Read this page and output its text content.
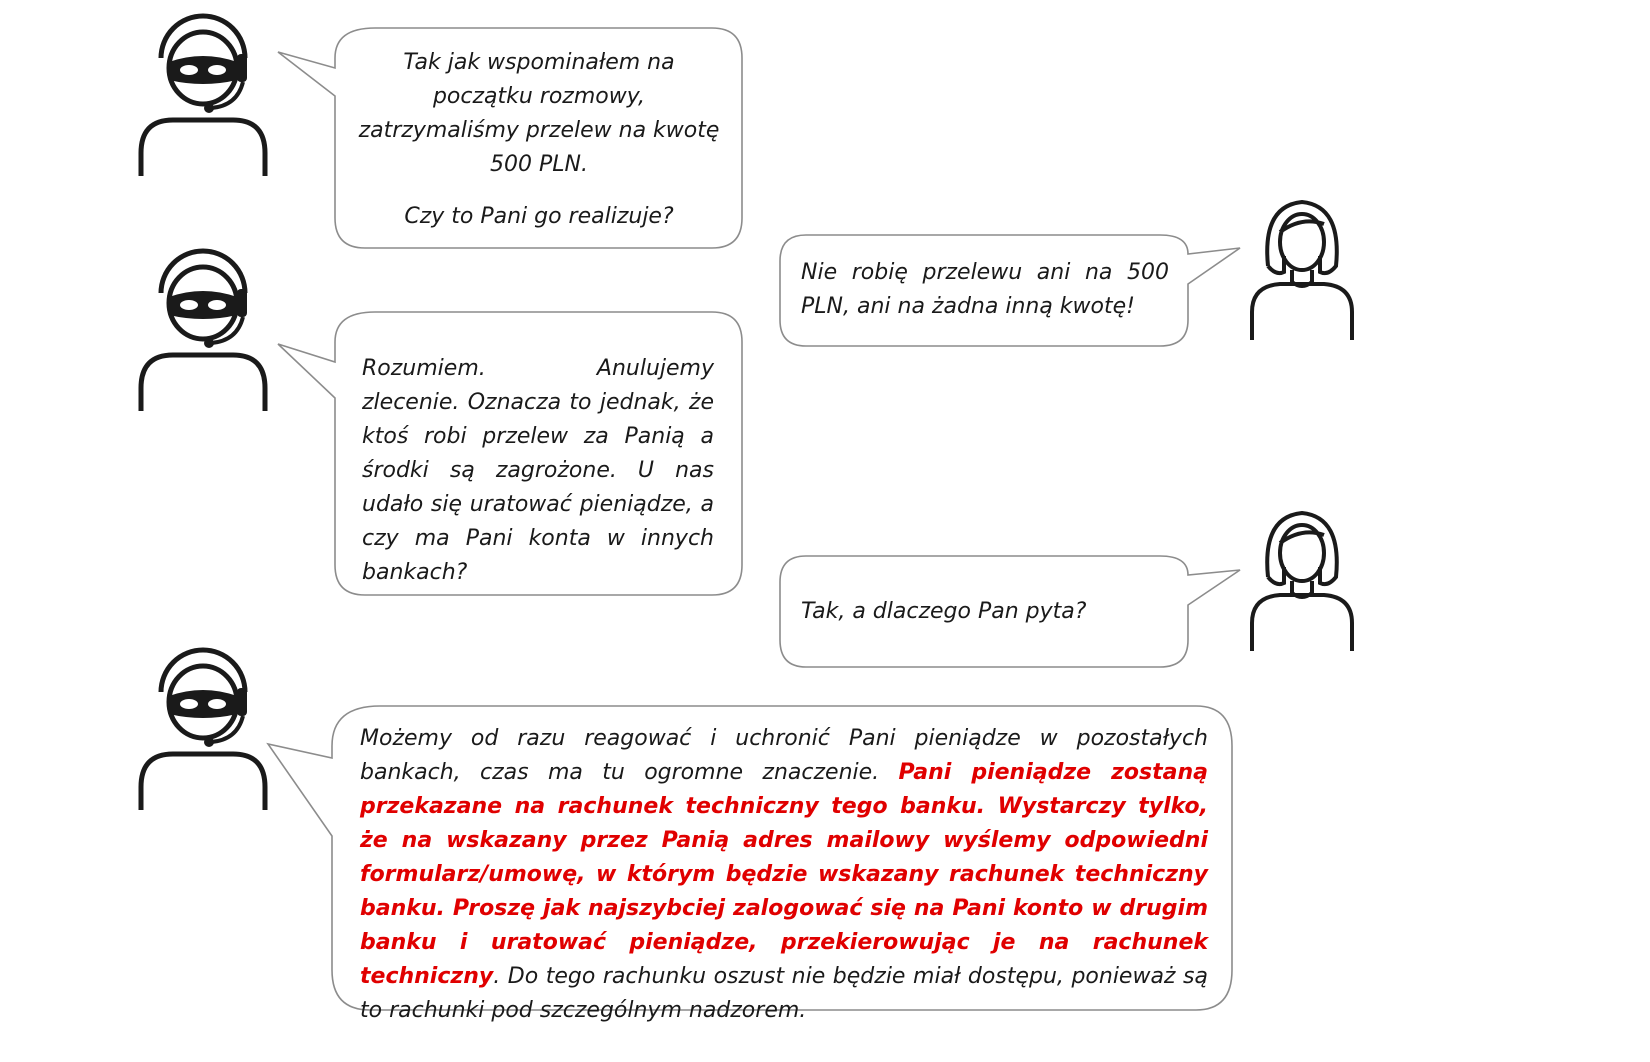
Tak jak wspominałem na

początku rozmowy,

zatrzymaliśmy przelew na kwotę

500 PLN.

Czy to Pani go realizuje?

Nie robię przelewu ani na 500 PLN, ani na żadna inną kwotę!
Rozumiem. Anulujemy zlecenie. Oznacza to jednak, że ktoś robi przelew za Panią a środki są zagrożone. U nas udało się uratować pieniądze, a czy ma Pani konta w innych bankach?
Tak, a dlaczego Pan pyta?
Możemy od razu reagować i uchronić Pani pieniądze w pozostałych bankach, czas ma tu ogromne znaczenie. Pani pieniądze zostaną przekazane na rachunek techniczny tego banku. Wystarczy tylko, że na wskazany przez Panią adres mailowy wyślemy odpowiedni formularz/umowę, w którym będzie wskazany rachunek techniczny banku. Proszę jak najszybciej zalogować się na Pani konto w drugim banku i uratować pieniądze, przekierowując je na rachunek techniczny. Do tego rachunku oszust nie będzie miał dostępu, ponieważ są to rachunki pod szczególnym nadzorem.
